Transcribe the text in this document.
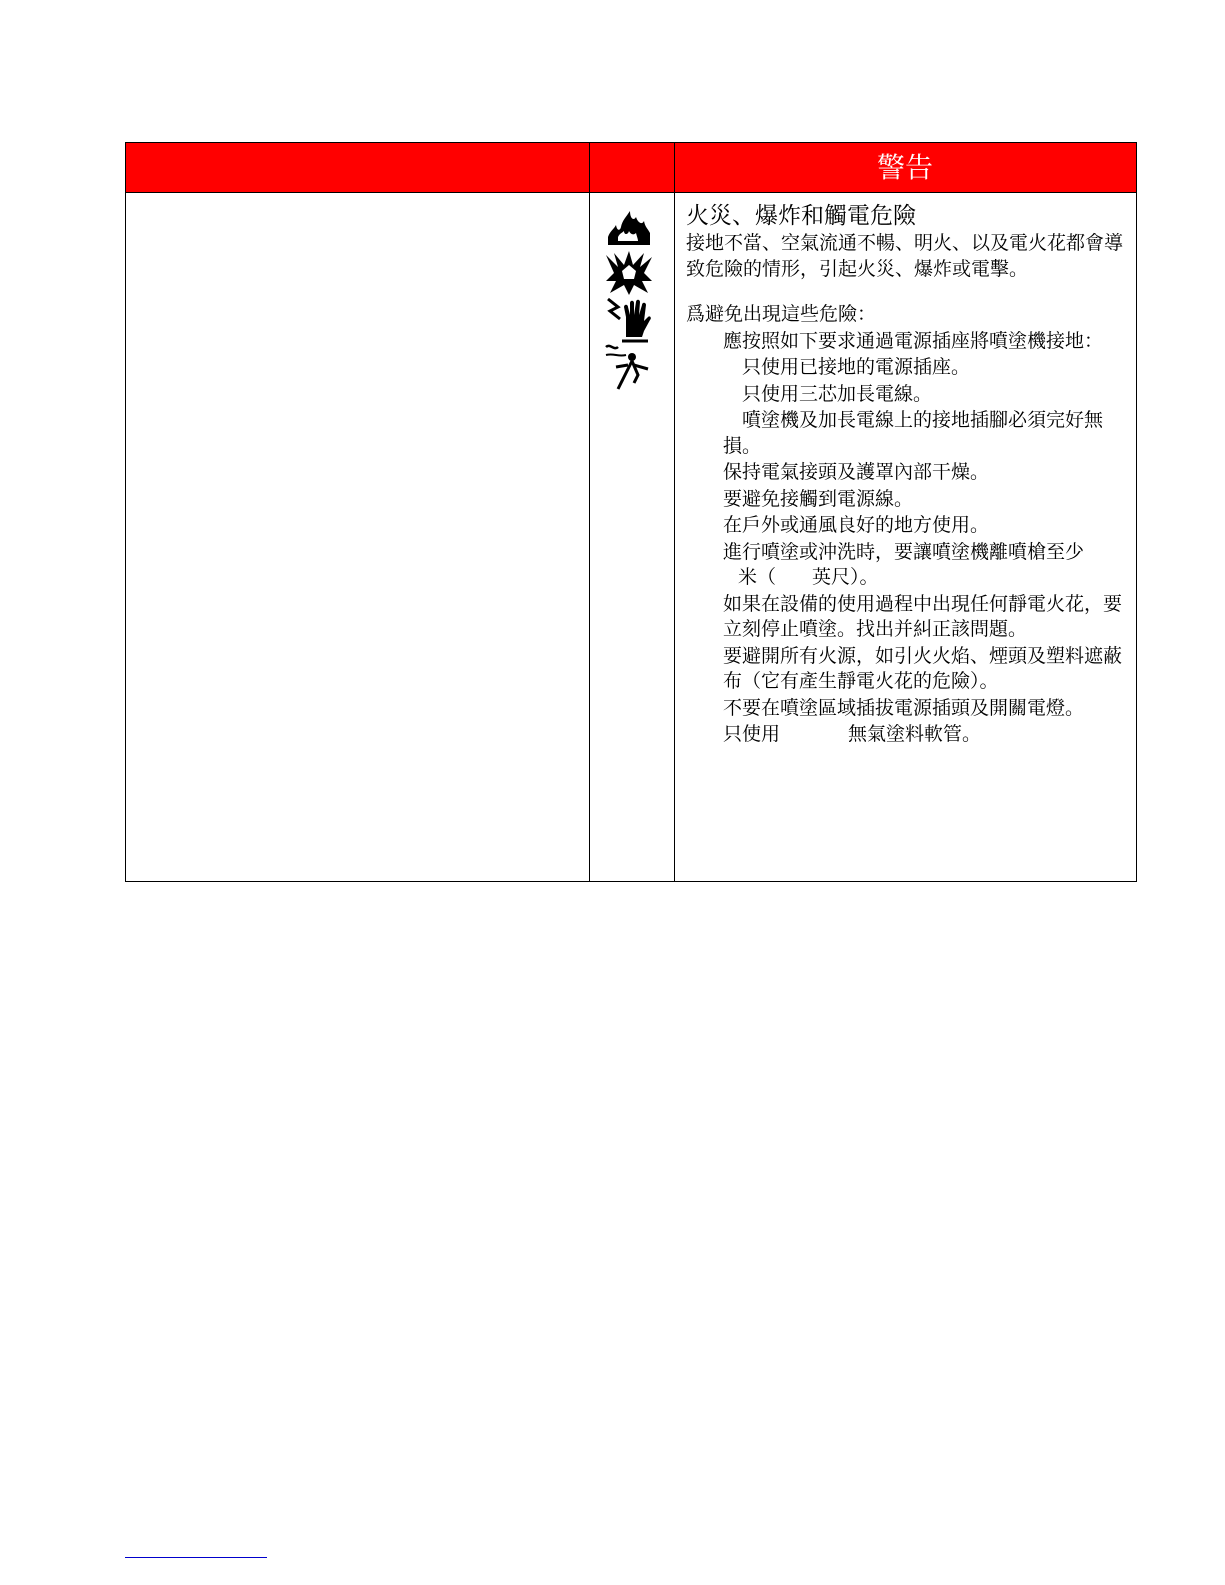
警告

火災、爆炸和觸電危險

接地不當、空氣流通不暢、明火、以及電火花都會導致危險的情形，引起火災、爆炸或電擊。

爲避免出現這些危險：

應按照如下要求通過電源插座將噴塗機接地：

只使用已接地的電源插座。

只使用三芯加長電線。

噴塗機及加長電線上的接地插腳必須完好無損。

保持電氣接頭及護罩內部干燥。

要避免接觸到電源線。

在戶外或通風良好的地方使用。

進行噴塗或沖洗時，要讓噴塗機離噴槍至少

米（ 英尺）。

如果在設備的使用過程中出現任何靜電火花，要立刻停止噴塗。找出并糾正該問題。

要避開所有火源，如引火火焰、煙頭及塑料遮蔽布（它有產生靜電火花的危險）。

不要在噴塗區域插拔電源插頭及開關電燈。

只使用	無氣塗料軟管。
